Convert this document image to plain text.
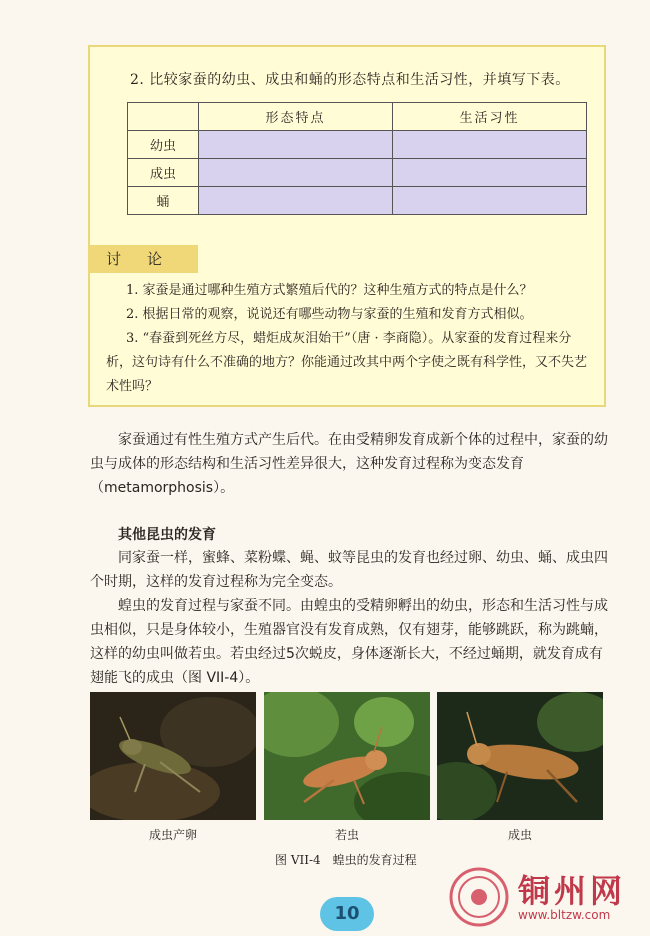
2. 比较家蚕的幼虫、成虫和蛹的形态特点和生活习性，并填写下表。
	形态特点	生活习性
幼虫		
成虫		
蛹		
讨论

1. 家蚕是通过哪种生殖方式繁殖后代的？这种生殖方式的特点是什么？

2. 根据日常的观察，说说还有哪些动物与家蚕的生殖和发育方式相似。

3. “春蚕到死丝方尽，蜡炬成灰泪始干”（唐 · 李商隐）。从家蚕的发育过程来分析，这句诗有什么不准确的地方？你能通过改其中两个字使之既有科学性，又不失艺术性吗？

家蚕通过有性生殖方式产生后代。在由受精卵发育成新个体的过程中，家蚕的幼虫与成体的形态结构和生活习性差异很大，这种发育过程称为变态发育（metamorphosis）。

其他昆虫的发育

同家蚕一样，蜜蜂、菜粉蝶、蝇、蚊等昆虫的发育也经过卵、幼虫、蛹、成虫四个时期，这样的发育过程称为完全变态。

蝗虫的发育过程与家蚕不同。由蝗虫的受精卵孵出的幼虫，形态和生活习性与成虫相似，只是身体较小，生殖器官没有发育成熟，仅有翅芽，能够跳跃，称为跳蝻，这样的幼虫叫做若虫。若虫经过5次蜕皮，身体逐渐长大，不经过蛹期，就发育成有翅能飞的成虫（图 VII-4）。

成虫产卵	若虫	成虫
图 VII-4　蝗虫的发育过程
10
铜州网
www.bltzw.com
